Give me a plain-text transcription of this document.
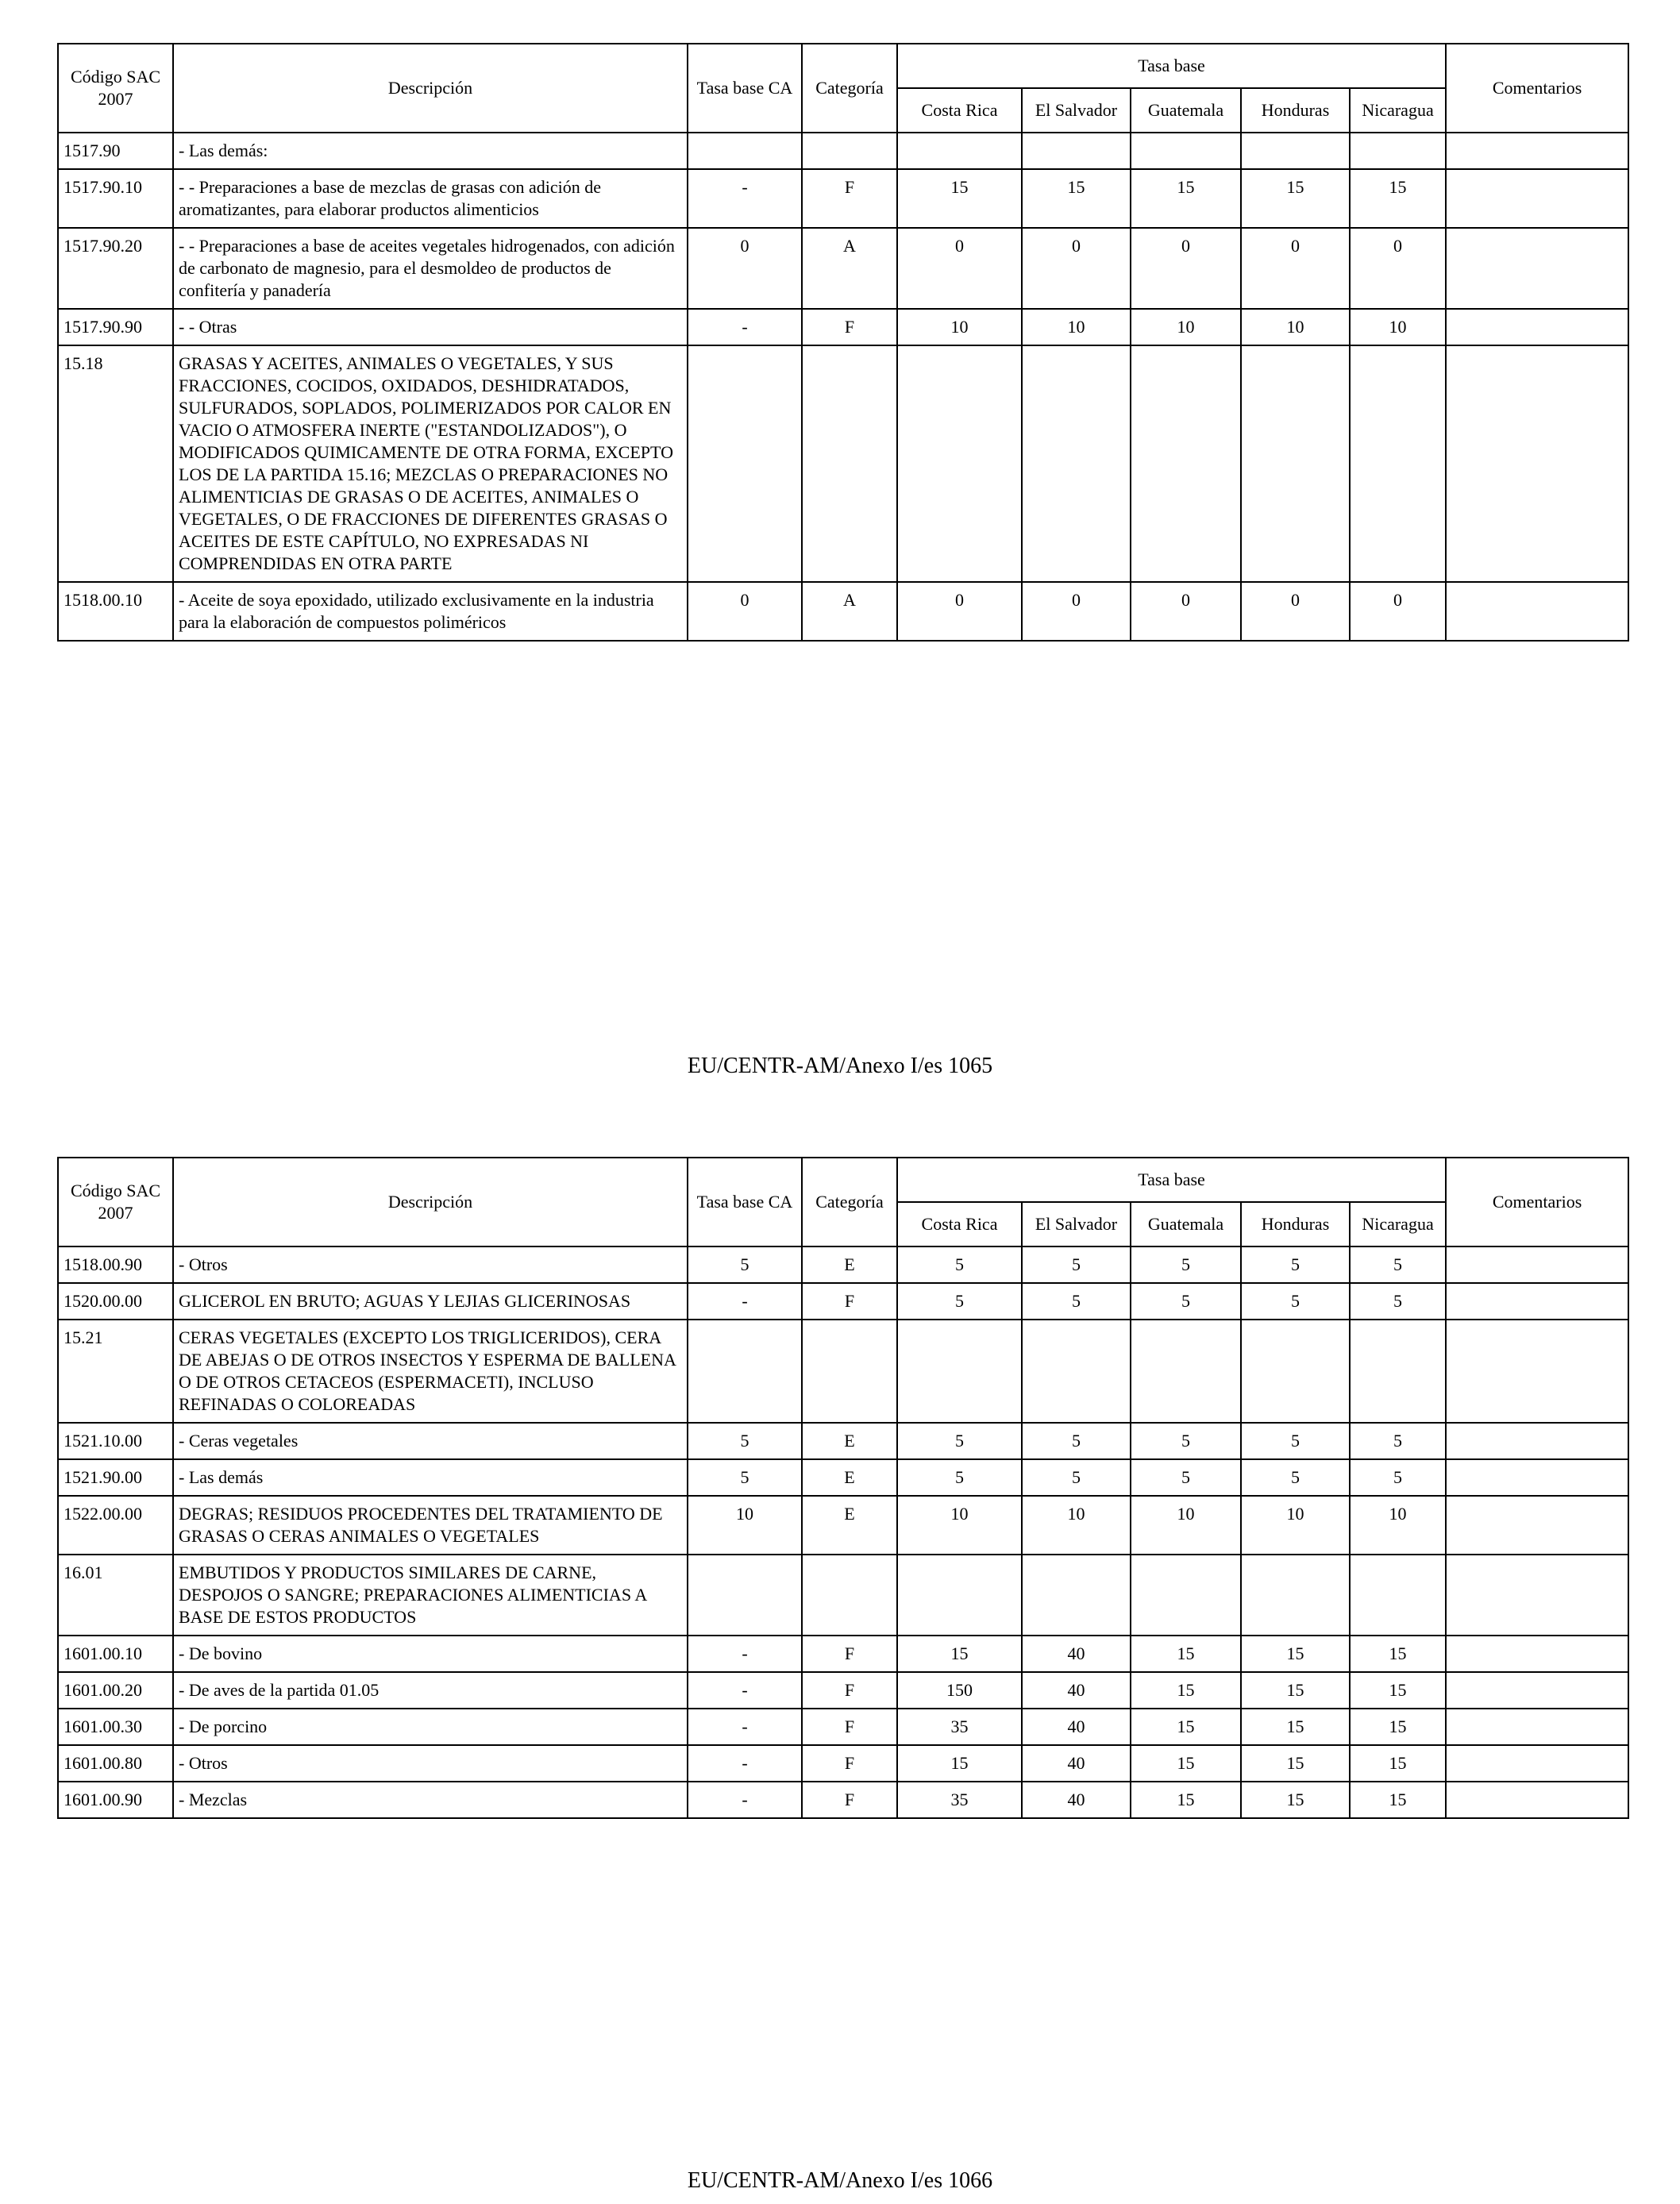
Código SAC 2007	Descripción	Tasa base CA	Categoría	Tasa base					Comentarios
				Costa Rica	El Salvador	Guatemala	Honduras	Nicaragua	
1517.90	- Las demás:								
1517.90.10	- - Preparaciones a base de mezclas de grasas con adición de aromatizantes, para elaborar productos alimenticios	-	F	15	15	15	15	15	
1517.90.20	- - Preparaciones a base de aceites vegetales hidrogenados, con adición de carbonato de magnesio, para el desmoldeo de productos de confitería y panadería	0	A	0	0	0	0	0	
1517.90.90	- - Otras	-	F	10	10	10	10	10	
15.18	GRASAS Y ACEITES, ANIMALES O VEGETALES, Y SUS FRACCIONES, COCIDOS, OXIDADOS, DESHIDRATADOS, SULFURADOS, SOPLADOS, POLIMERIZADOS POR CALOR EN VACIO O ATMOSFERA INERTE ("ESTANDOLIZADOS"), O MODIFICADOS QUIMICAMENTE DE OTRA FORMA, EXCEPTO LOS DE LA PARTIDA 15.16; MEZCLAS O PREPARACIONES NO ALIMENTICIAS DE GRASAS O DE ACEITES, ANIMALES O VEGETALES, O DE FRACCIONES DE DIFERENTES GRASAS O ACEITES DE ESTE CAPÍTULO, NO EXPRESADAS NI COMPRENDIDAS EN OTRA PARTE								
1518.00.10	- Aceite de soya epoxidado, utilizado exclusivamente en la industria para la elaboración de compuestos poliméricos	0	A	0	0	0	0	0	
EU/CENTR-AM/Anexo I/es 1065
Código SAC 2007	Descripción	Tasa base CA	Categoría	Tasa base					Comentarios
				Costa Rica	El Salvador	Guatemala	Honduras	Nicaragua	
1518.00.90	- Otros	5	E	5	5	5	5	5	
1520.00.00	GLICEROL EN BRUTO; AGUAS Y LEJIAS GLICERINOSAS	-	F	5	5	5	5	5	
15.21	CERAS VEGETALES (EXCEPTO LOS TRIGLICERIDOS), CERA DE ABEJAS O DE OTROS INSECTOS Y ESPERMA DE BALLENA O DE OTROS CETACEOS (ESPERMACETI), INCLUSO REFINADAS O COLOREADAS								
1521.10.00	- Ceras vegetales	5	E	5	5	5	5	5	
1521.90.00	- Las demás	5	E	5	5	5	5	5	
1522.00.00	DEGRAS; RESIDUOS PROCEDENTES DEL TRATAMIENTO DE GRASAS O CERAS ANIMALES O VEGETALES	10	E	10	10	10	10	10	
16.01	EMBUTIDOS Y PRODUCTOS SIMILARES DE CARNE, DESPOJOS O SANGRE; PREPARACIONES ALIMENTICIAS A BASE DE ESTOS PRODUCTOS								
1601.00.10	- De bovino	-	F	15	40	15	15	15	
1601.00.20	- De aves de la partida 01.05	-	F	150	40	15	15	15	
1601.00.30	- De porcino	-	F	35	40	15	15	15	
1601.00.80	- Otros	-	F	15	40	15	15	15	
1601.00.90	- Mezclas	-	F	35	40	15	15	15	
EU/CENTR-AM/Anexo I/es 1066
